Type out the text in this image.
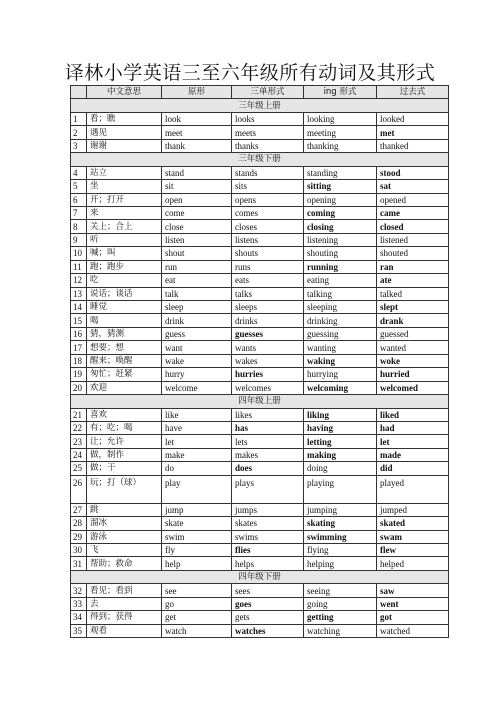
译林小学英语三至六年级所有动词及其形式
	中文意思	原形	三单形式	ing 形式	过去式
三年级上册					
1	看；瞧	look	looks	looking	looked
2	遇见	meet	meets	meeting	met
3	谢谢	thank	thanks	thanking	thanked
三年级下册					
4	站立	stand	stands	standing	stood
5	坐	sit	sits	sitting	sat
6	开；打开	open	opens	opening	opened
7	来	come	comes	coming	came
8	关上；合上	close	closes	closing	closed
9	听	listen	listens	listening	listened
10	喊；叫	shout	shouts	shouting	shouted
11	跑；跑步	run	runs	running	ran
12	吃	eat	eats	eating	ate
13	说话；谈话	talk	talks	talking	talked
14	睡觉	sleep	sleeps	sleeping	slept
15	喝	drink	drinks	drinking	drank
16	猜，猜测	guess	guesses	guessing	guessed
17	想要；想	want	wants	wanting	wanted
18	醒来；唤醒	wake	wakes	waking	woke
19	匆忙；赶紧	hurry	hurries	hurrying	hurried
20	欢迎	welcome	welcomes	welcoming	welcomed
四年级上册					
21	喜欢	like	likes	liking	liked
22	有；吃；喝	have	has	having	had
23	让；允许	let	lets	letting	let
24	做，制作	make	makes	making	made
25	做；干	do	does	doing	did
26	玩；打（球）	play	plays	playing	played
27	跳	jump	jumps	jumping	jumped
28	溜冰	skate	skates	skating	skated
29	游泳	swim	swims	swimming	swam
30	飞	fly	flies	flying	flew
31	帮助；救命	help	helps	helping	helped
四年级下册					
32	看见；看到	see	sees	seeing	saw
33	去	go	goes	going	went
34	得到；获得	get	gets	getting	got
35	观看	watch	watches	watching	watched
